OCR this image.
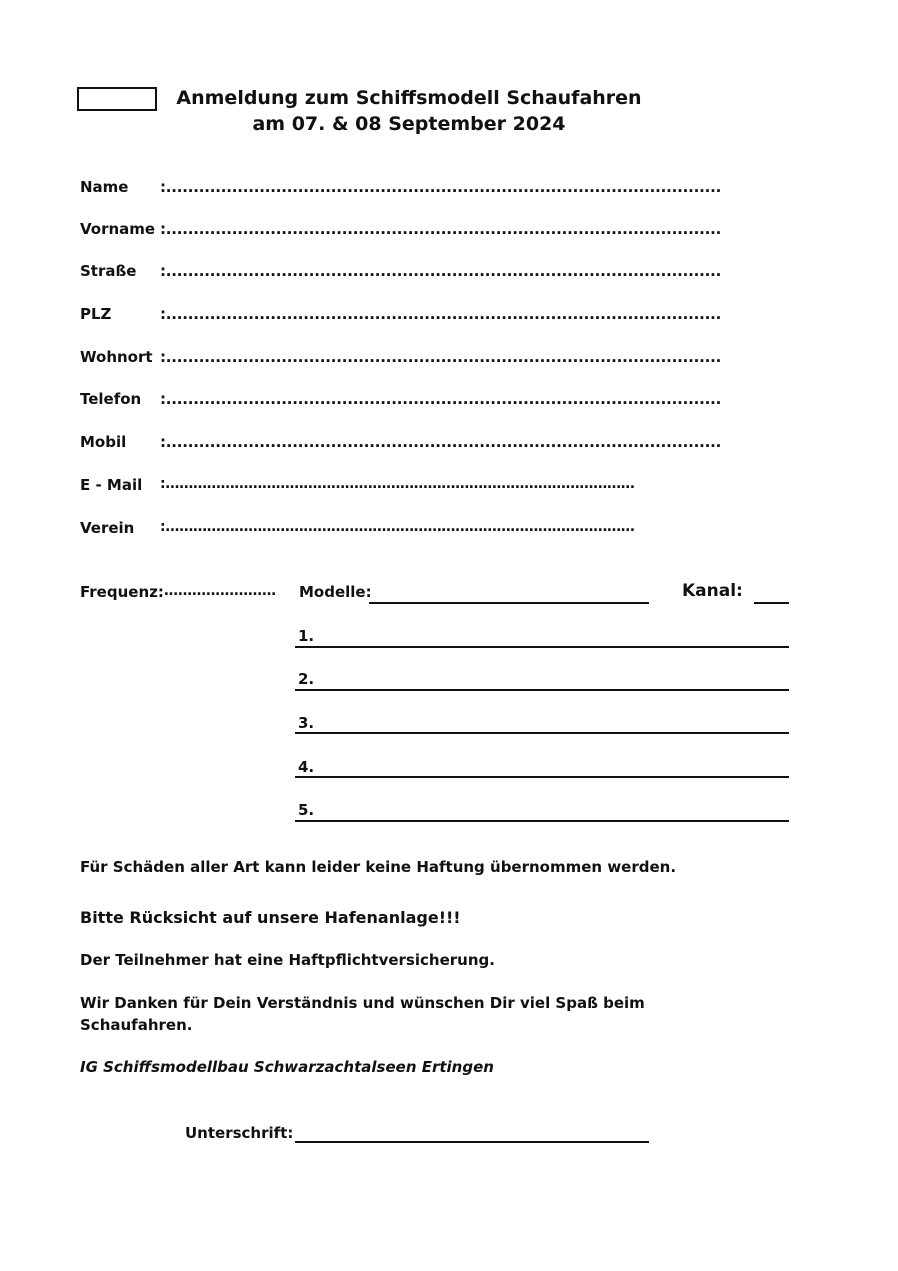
Anmeldung zum Schiffsmodell Schaufahren
am 07. & 08 September 2024
Name :.....................................................................................................
Vorname :.....................................................................................................
Straße :.....................................................................................................
PLZ	:.....................................................................................................
Wohnort :.....................................................................................................
Telefon :.....................................................................................................
Mobil :.....................................................................................................
E - Mail :…………………………………………………………………………………………
Verein :…………………………………………………………………………………………
Frequenz: …………………… Modelle:	Kanal:
1.
2.
3.
4.
5.
Für Schäden aller Art kann leider keine Haftung übernommen werden.
Bitte Rücksicht auf unsere Hafenanlage!!!
Der Teilnehmer hat eine Haftpflichtversicherung.
Wir Danken für Dein Verständnis und wünschen Dir viel Spaß beim
Schaufahren.
IG Schiffsmodellbau Schwarzachtalseen Ertingen
Unterschrift:
